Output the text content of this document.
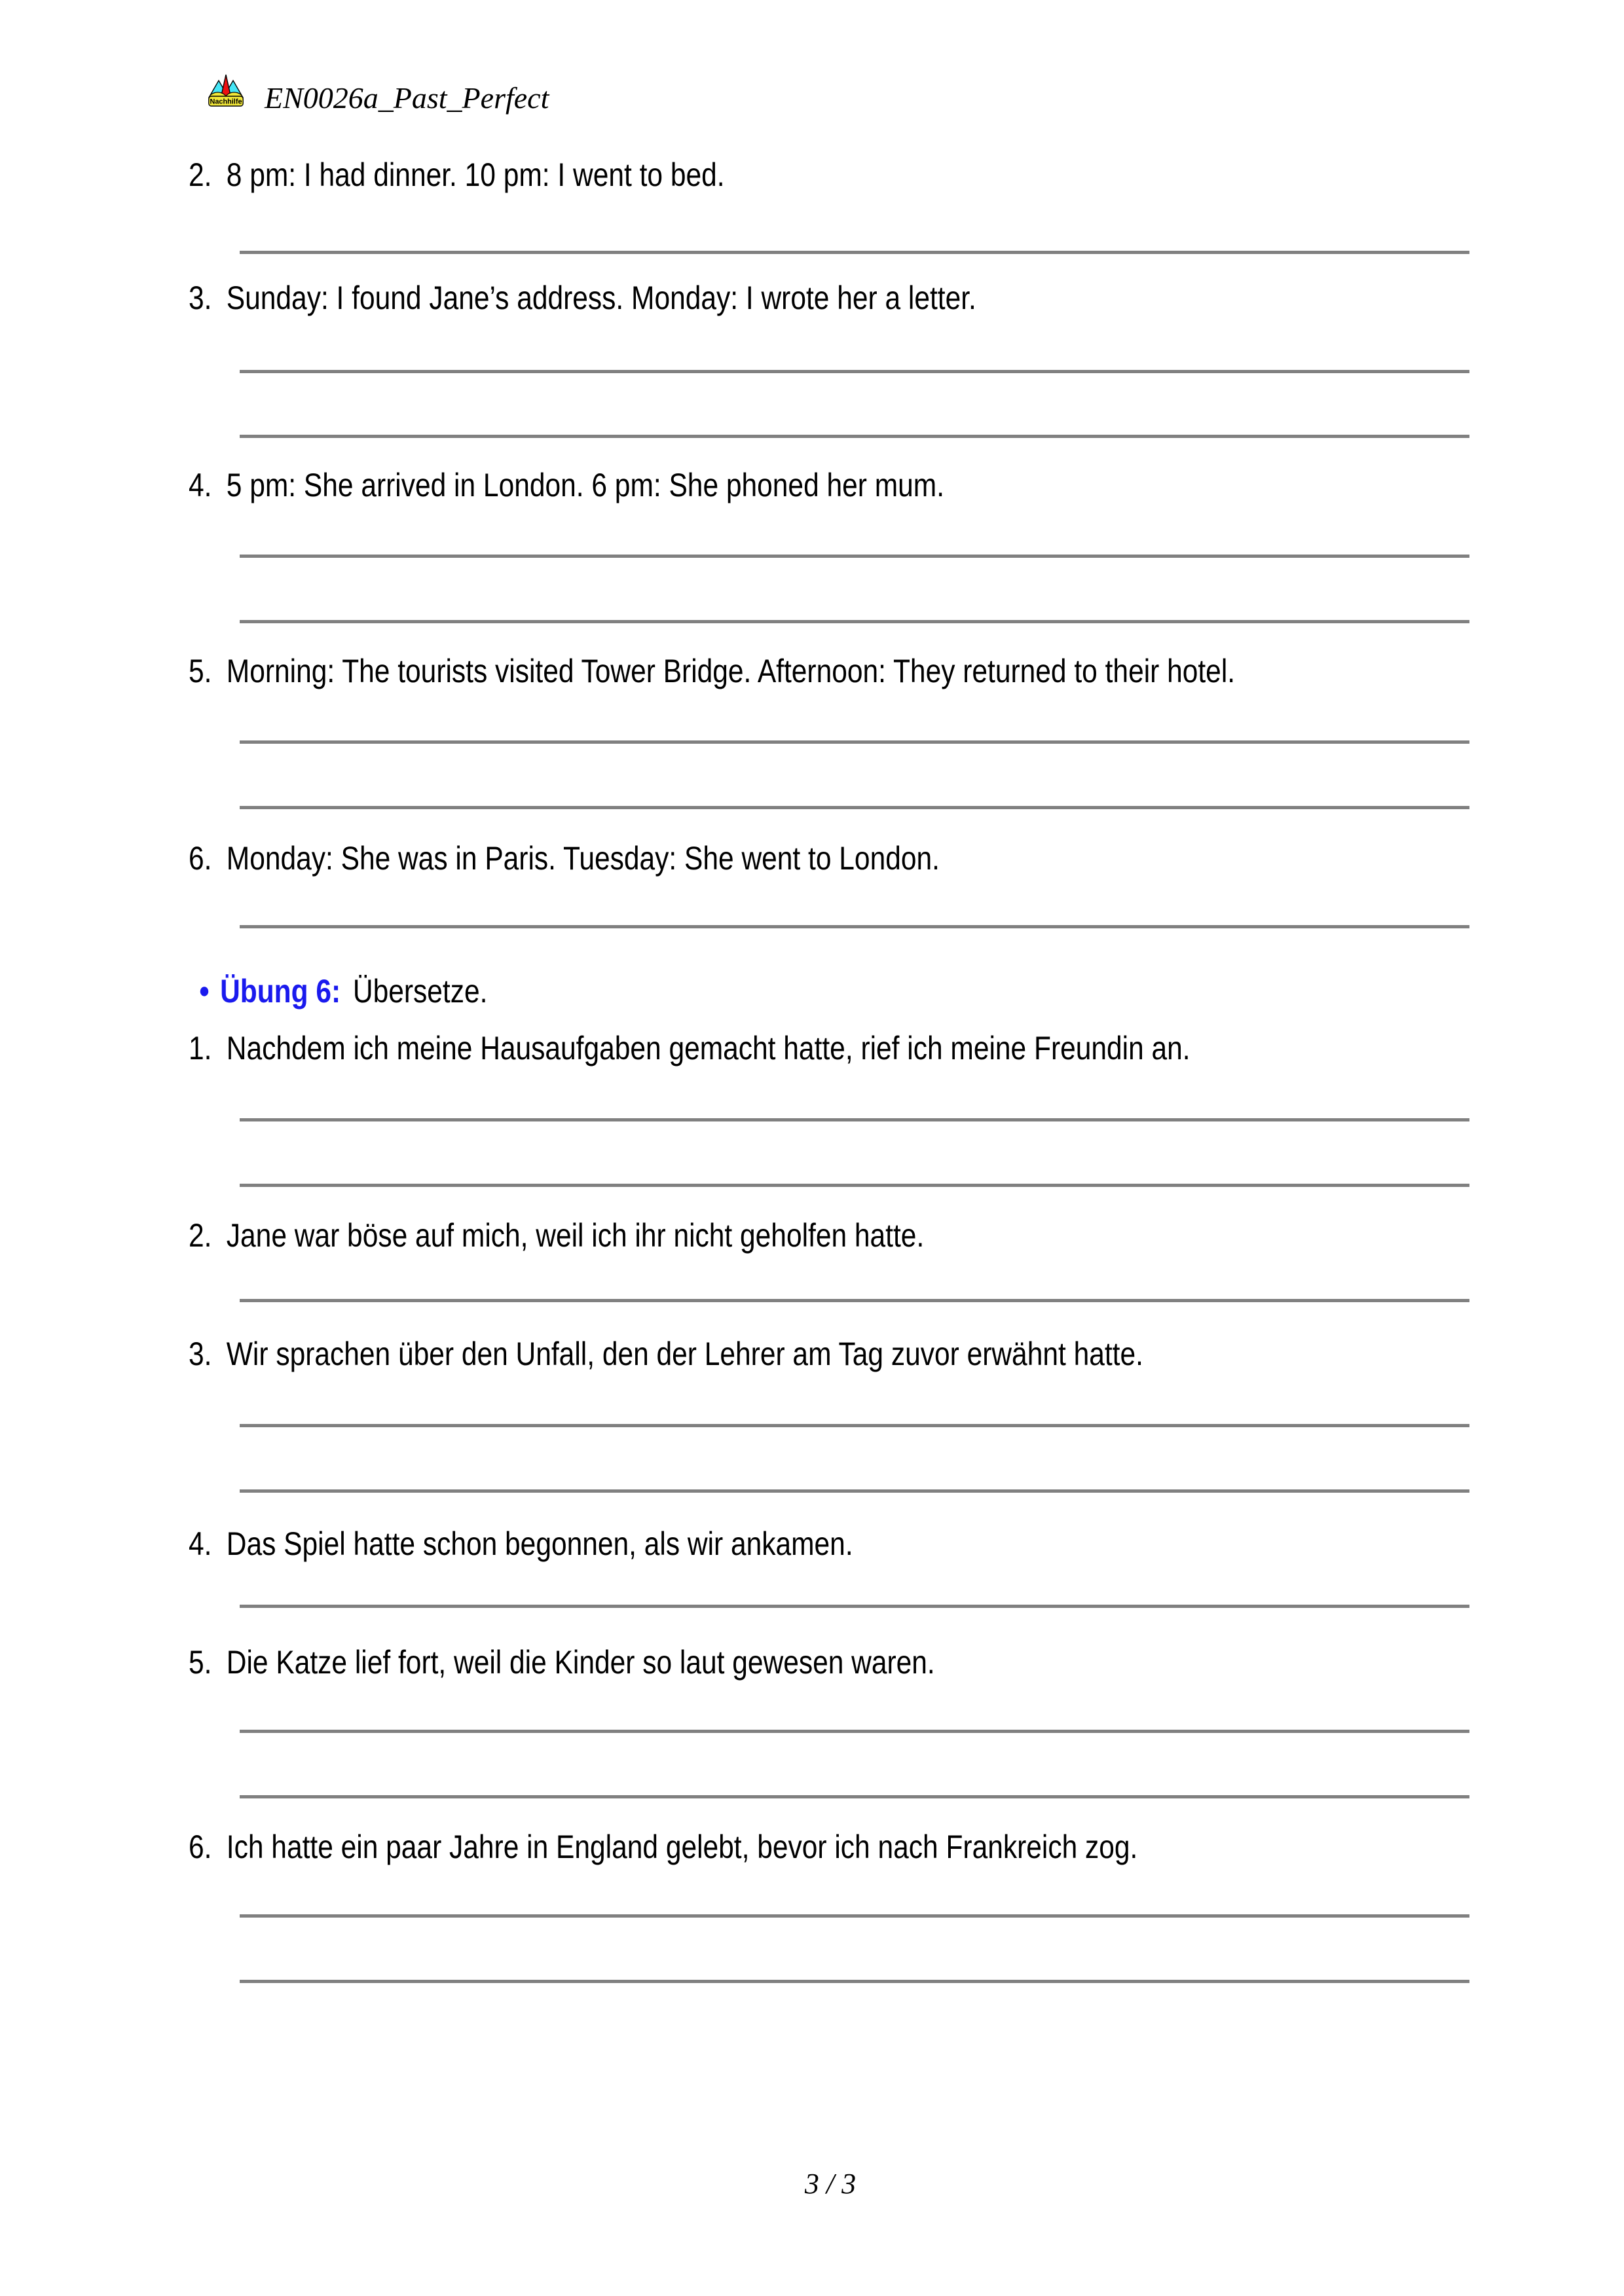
Nachhilfe EN0026a_Past_Perfect
2. 8 pm: I had dinner. 10 pm: I went to bed.
3. Sunday: I found Jane’s address. Monday: I wrote her a letter.
4. 5 pm: She arrived in London. 6 pm: She phoned her mum.
5. Morning: The tourists visited Tower Bridge. Afternoon: They returned to their hotel.
6. Monday: She was in Paris. Tuesday: She went to London.
● Übung 6: Übersetze.
1. Nachdem ich meine Hausaufgaben gemacht hatte, rief ich meine Freundin an.
2. Jane war böse auf mich, weil ich ihr nicht geholfen hatte.
3. Wir sprachen über den Unfall, den der Lehrer am Tag zuvor erwähnt hatte.
4. Das Spiel hatte schon begonnen, als wir ankamen.
5. Die Katze lief fort, weil die Kinder so laut gewesen waren.
6. Ich hatte ein paar Jahre in England gelebt, bevor ich nach Frankreich zog.
3 / 3
